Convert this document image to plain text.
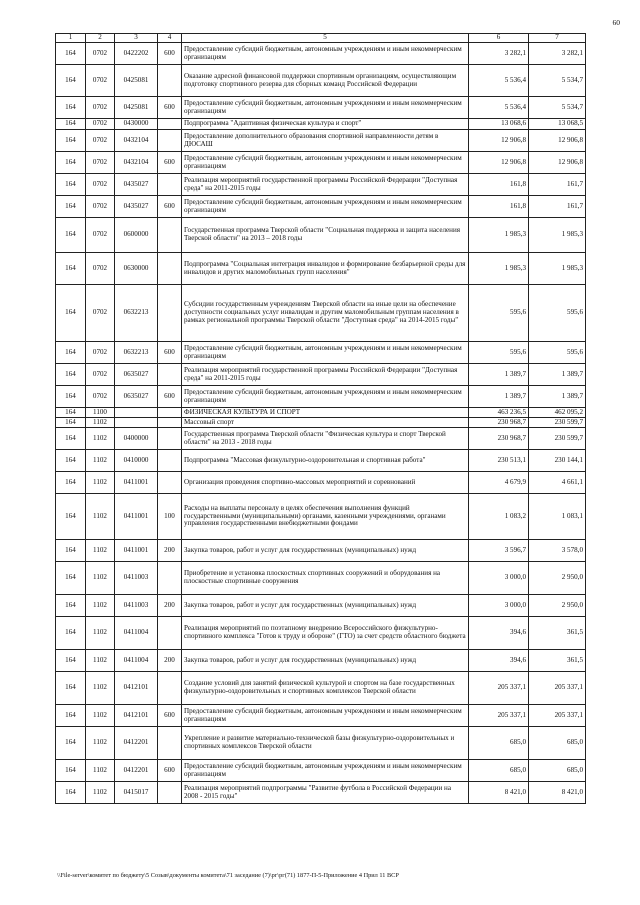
60
1	2	3	4	5	6	7
164	0702	0422202	600	Предоставление субсидий бюджетным, автономным учреждениям и иным некоммерческим организациям	3 282,1	3 282,1
164	0702	0425081		Оказание адресной финансовой поддержки спортивным организациям, осуществляющим подготовку спортивного резерва для сборных команд Российской Федерации	5 536,4	5 534,7
164	0702	0425081	600	Предоставление субсидий бюджетным, автономным учреждениям и иным некоммерческим организациям	5 536,4	5 534,7
164	0702	0430000		Подпрограмма "Адаптивная физическая культура и спорт"	13 068,6	13 068,5
164	0702	0432104		Предоставление дополнительного образования спортивной направленности детям в ДЮСАШ	12 906,8	12 906,8
164	0702	0432104	600	Предоставление субсидий бюджетным, автономным учреждениям и иным некоммерческим организациям	12 906,8	12 906,8
164	0702	0435027		Реализация мероприятий государственной программы Российской Федерации "Доступная среда" на 2011-2015 годы	161,8	161,7
164	0702	0435027	600	Предоставление субсидий бюджетным, автономным учреждениям и иным некоммерческим организациям	161,8	161,7
164	0702	0600000		Государственная программа Тверской области "Социальная поддержка и защита населения Тверской области" на 2013 – 2018 годы	1 985,3	1 985,3
164	0702	0630000		Подпрограмма "Социальная интеграция инвалидов и формирование безбарьерной среды для инвалидов и других маломобильных групп населения"	1 985,3	1 985,3
164	0702	0632213		Субсидии государственным учреждениям Тверской области на иные цели на обеспечение доступности социальных услуг инвалидам и другим маломобильным группам населения в рамках региональной программы Тверской области "Доступная среда" на 2014-2015 годы"	595,6	595,6
164	0702	0632213	600	Предоставление субсидий бюджетным, автономным учреждениям и иным некоммерческим организациям	595,6	595,6
164	0702	0635027		Реализация мероприятий государственной программы Российской Федерации "Доступная среда" на 2011-2015 годы	1 389,7	1 389,7
164	0702	0635027	600	Предоставление субсидий бюджетным, автономным учреждениям и иным некоммерческим организациям	1 389,7	1 389,7
164	1100			ФИЗИЧЕСКАЯ КУЛЬТУРА И СПОРТ	463 236,5	462 095,2
164	1102			Массовый спорт	230 968,7	230 599,7
164	1102	0400000		Государственная программа Тверской области "Физическая культура и спорт Тверской области" на 2013 - 2018 годы	230 968,7	230 599,7
164	1102	0410000		Подпрограмма "Массовая физкультурно-оздоровительная и спортивная работа"	230 513,1	230 144,1
164	1102	0411001		Организация проведения спортивно-массовых мероприятий и соревнований	4 679,9	4 661,1
164	1102	0411001	100	Расходы на выплаты персоналу в целях обеспечения выполнения функций государственными (муниципальными) органами, казенными учреждениями, органами управления государственными внебюджетными фондами	1 083,2	1 083,1
164	1102	0411001	200	Закупка товаров, работ и услуг для государственных (муниципальных) нужд	3 596,7	3 578,0
164	1102	0411003		Приобретение и установка плоскостных спортивных сооружений и оборудования на плоскостные спортивные сооружения	3 000,0	2 950,0
164	1102	0411003	200	Закупка товаров, работ и услуг для государственных (муниципальных) нужд	3 000,0	2 950,0
164	1102	0411004		Реализация мероприятий по поэтапному внедрению Всероссийского физкультурно-спортивного комплекса "Готов к труду и обороне" (ГТО) за счет средств областного бюджета	394,6	361,5
164	1102	0411004	200	Закупка товаров, работ и услуг для государственных (муниципальных) нужд	394,6	361,5
164	1102	0412101		Создание условий для занятий физической культурой и спортом на базе государственных физкультурно-оздоровительных и спортивных комплексов Тверской области	205 337,1	205 337,1
164	1102	0412101	600	Предоставление субсидий бюджетным, автономным учреждениям и иным некоммерческим организациям	205 337,1	205 337,1
164	1102	0412201		Укрепление и развитие материально-технической базы физкультурно-оздоровительных и спортивных комплексов Тверской области	685,0	685,0
164	1102	0412201	600	Предоставление субсидий бюджетным, автономным учреждениям и иным некоммерческим организациям	685,0	685,0
164	1102	0415017		Реализация мероприятий подпрограммы "Развитие футбола в Российской Федерации на 2008 - 2015 годы"	8 421,0	8 421,0
\\File-server\комитет по бюджету\5 Созыв\документы комитета\71 заседание (7)\рг\рг(71) 1877-П-5-Приложение 4 Прил 11 ВСР
